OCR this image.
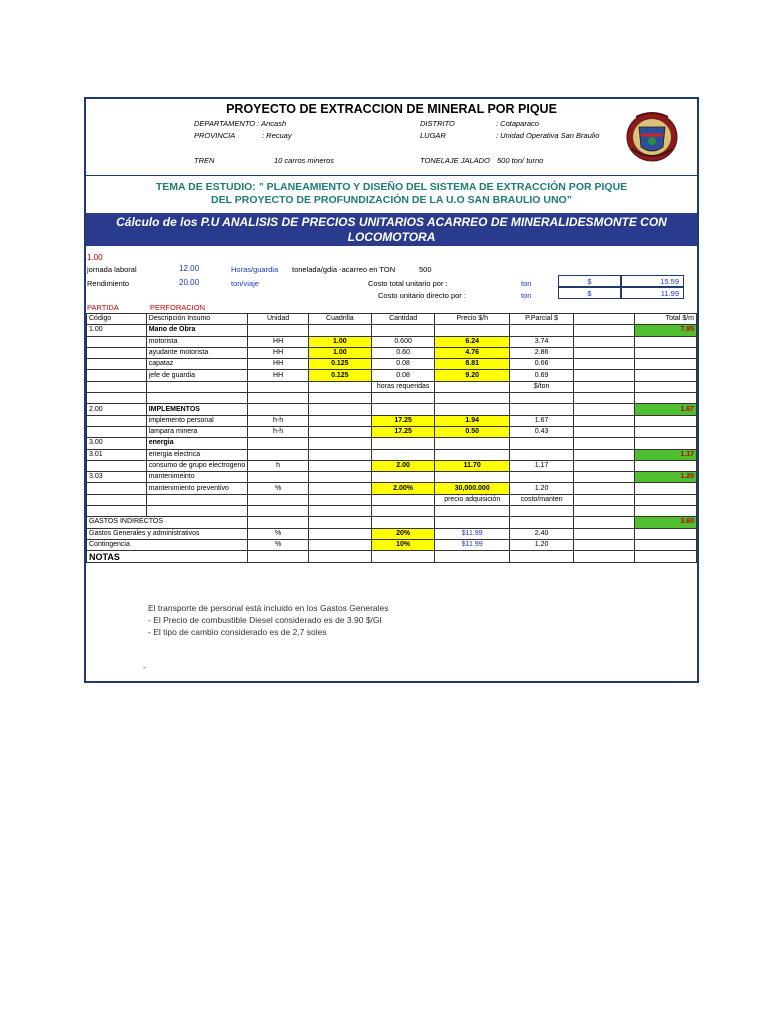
PROYECTO DE EXTRACCION DE MINERAL POR PIQUE
DEPARTAMENTO : Ancash	DISTRITO	: Cotaparaco
PROVINCIA	: Recuay	LUGAR	: Unidad Operativa San Braulio
TREN	10 carros mineros	TONELAJE JALADO 500 ton/ turno
TEMA DE ESTUDIO: " PLANEAMIENTO Y DISEÑO DEL SISTEMA DE EXTRACCIÓN POR PIQUE
DEL PROYECTO DE PROFUNDIZACIÓN DE LA U.O SAN BRAULIO UNO”
Cálculo de los P.U ANALISIS DE PRECIOS UNITARIOS ACARREO DE MINERALIDESMONTE CON
LOCOMOTORA
1.00
jornada laboral	12.00	Horas/guardia tonelada/gdia -acarreo en TON	500
Rendimiento	20.00	ton/viaje	Costo total unitario por :	ton	$	15.59
Costo unitario directo por :	ton	$	11.99
PARTIDA	PERFORACION
Código	Descripción Insumo	Unidad	Cuadrilla	Cantidad	Precio $/h	P.Parcial $		Total $/m
1.00	Mano de Obra							7.95
	motorista	HH	1.00	0.600	6.24	3.74		
	ayudante motorista	HH	1.00	0.60	4.76	2.86		
	capataz	HH	0.125	0.08	8.81	0.66		
	jefe de guardia	HH	0.125	0.08	9.20	0.69		
				horas requeridas		$/ton		

2.00	IMPLEMENTOS							1.67
	implemento personal	h-h		17.25	1.94	1.67		
	lampara minera	h-h		17.25	0.50	0.43		
3.00	energia							
3.01	energia electrica							1.17
	consumo de grupo electrogeno	h		2.00	11.70	1.17		
3.03	mantenimeinto							1.20
	mantenimiento preventivo	%		2.00%	30,000.000	1.20		
					precio adquisición	costo/manten		

GASTOS INDIRECTOS								3.60
Gastos Generales y administrativos		%		20%	$11.99	2.40		
Contingencia		%		10%	$11.99	1.20		
NOTAS								
El transporte de personal está incluido en los Gastos Generales
- El Precio de combustible Diesel considerado es de 3.90 $/Gl
- El tipo de cambio considerado es de 2,7 soles
-
